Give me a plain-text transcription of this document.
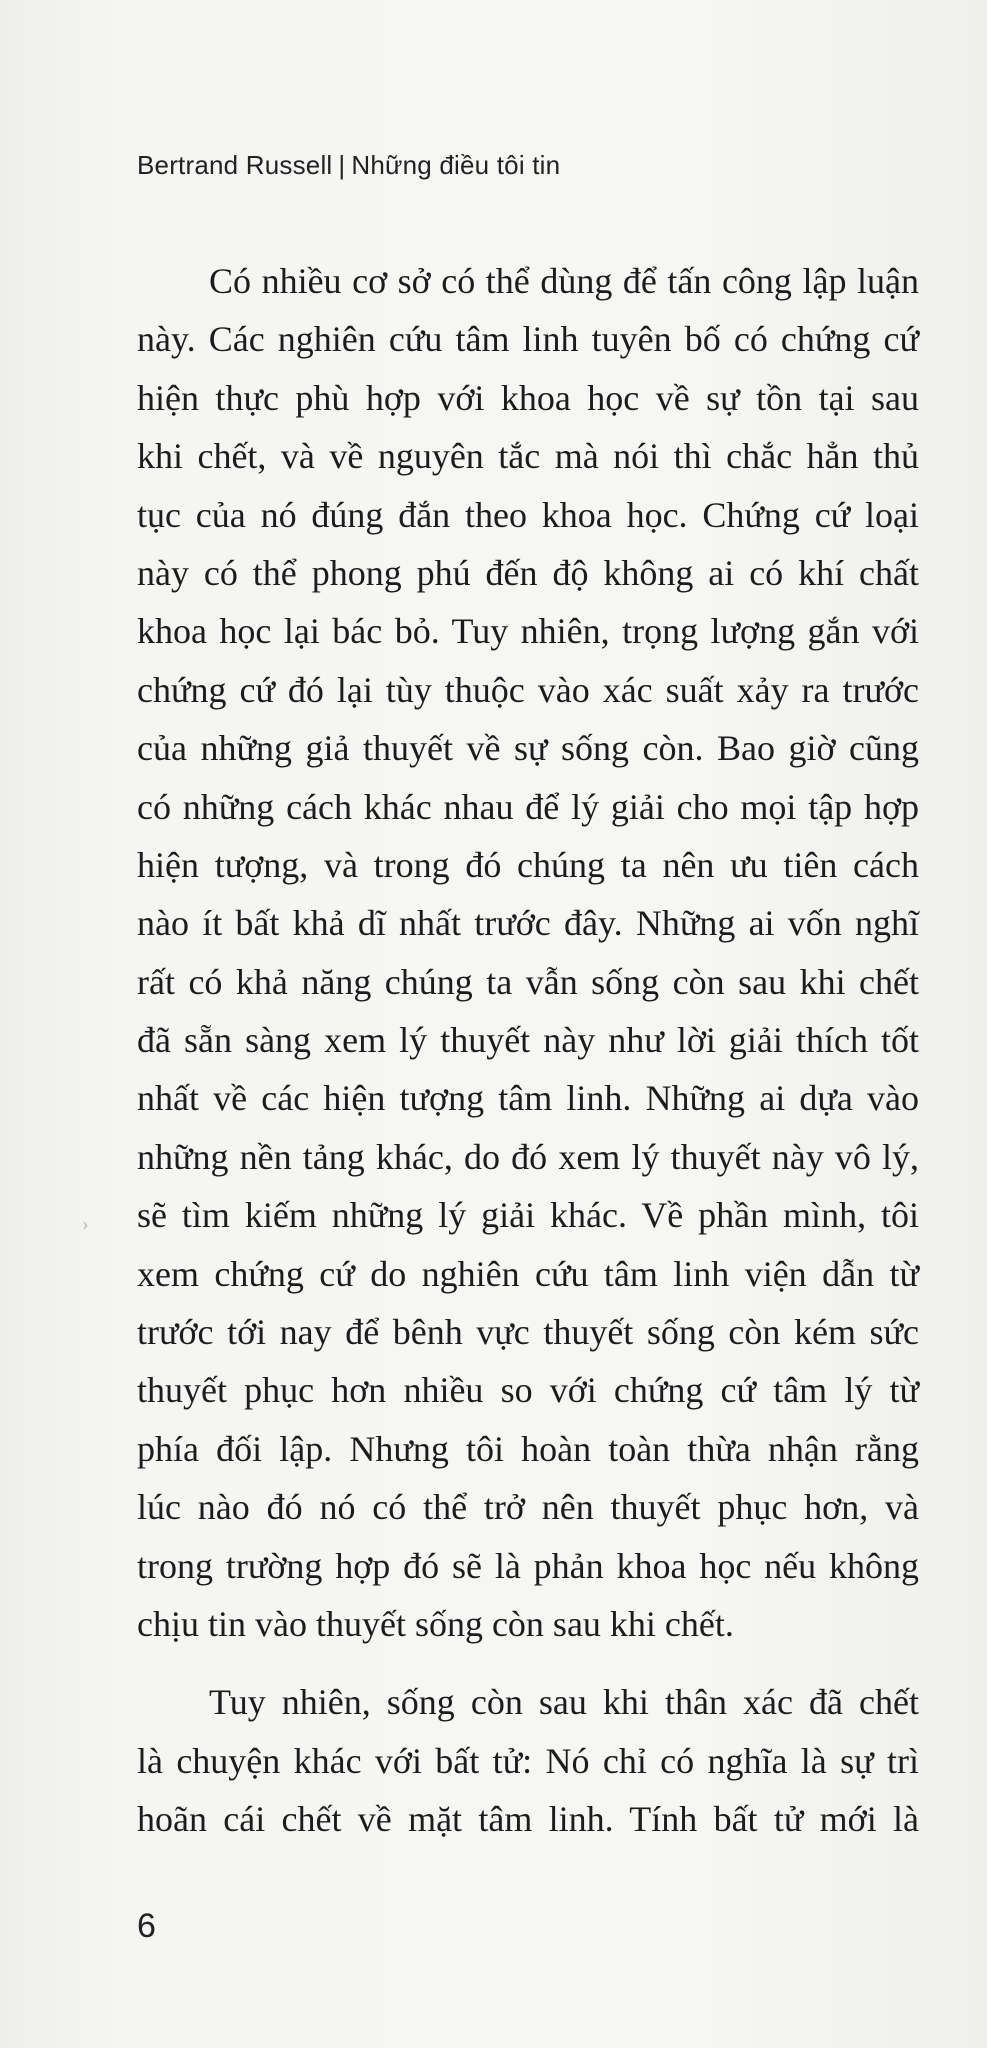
Bertrand Russell | Những điều tôi tin
›
Có nhiều cơ sở có thể dùng để tấn công lập luận
này. Các nghiên cứu tâm linh tuyên bố có chứng cứ
hiện thực phù hợp với khoa học về sự tồn tại sau
khi chết, và về nguyên tắc mà nói thì chắc hẳn thủ
tục của nó đúng đắn theo khoa học. Chứng cứ loại
này có thể phong phú đến độ không ai có khí chất
khoa học lại bác bỏ. Tuy nhiên, trọng lượng gắn với
chứng cứ đó lại tùy thuộc vào xác suất xảy ra trước
của những giả thuyết về sự sống còn. Bao giờ cũng
có những cách khác nhau để lý giải cho mọi tập hợp
hiện tượng, và trong đó chúng ta nên ưu tiên cách
nào ít bất khả dĩ nhất trước đây. Những ai vốn nghĩ
rất có khả năng chúng ta vẫn sống còn sau khi chết
đã sẵn sàng xem lý thuyết này như lời giải thích tốt
nhất về các hiện tượng tâm linh. Những ai dựa vào
những nền tảng khác, do đó xem lý thuyết này vô lý,
sẽ tìm kiếm những lý giải khác. Về phần mình, tôi
xem chứng cứ do nghiên cứu tâm linh viện dẫn từ
trước tới nay để bênh vực thuyết sống còn kém sức
thuyết phục hơn nhiều so với chứng cứ tâm lý từ
phía đối lập. Nhưng tôi hoàn toàn thừa nhận rằng
lúc nào đó nó có thể trở nên thuyết phục hơn, và
trong trường hợp đó sẽ là phản khoa học nếu không
chịu tin vào thuyết sống còn sau khi chết.
Tuy nhiên, sống còn sau khi thân xác đã chết
là chuyện khác với bất tử: Nó chỉ có nghĩa là sự trì
hoãn cái chết về mặt tâm linh. Tính bất tử mới là
6
